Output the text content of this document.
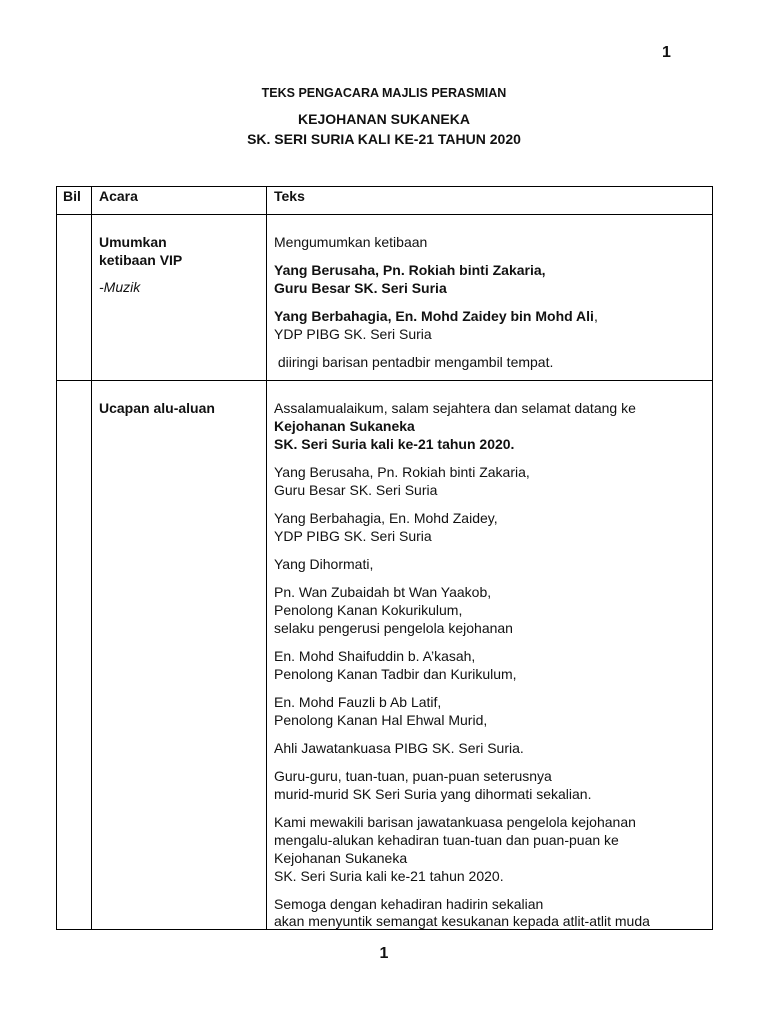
1
TEKS PENGACARA MAJLIS PERASMIAN
KEJOHANAN SUKANEKA
SK. SERI SURIA KALI KE-21 TAHUN 2020
Bil Acara	Teks
Umumkan
ketibaan VIP
-Muzik
Mengumumkan ketibaan
Yang Berusaha, Pn. Rokiah binti Zakaria,
Guru Besar SK. Seri Suria
Yang Berbahagia, En. Mohd Zaidey bin Mohd Ali,
YDP PIBG SK. Seri Suria
diiringi barisan pentadbir mengambil tempat.
Ucapan alu-aluan	Assalamualaikum, salam sejahtera dan selamat datang ke
Kejohanan Sukaneka
SK. Seri Suria kali ke-21 tahun 2020.
Yang Berusaha, Pn. Rokiah binti Zakaria,
Guru Besar SK. Seri Suria
Yang Berbahagia, En. Mohd Zaidey,
YDP PIBG SK. Seri Suria
Yang Dihormati,
Pn. Wan Zubaidah bt Wan Yaakob,
Penolong Kanan Kokurikulum,
selaku pengerusi pengelola kejohanan
En. Mohd Shaifuddin b. A’kasah,
Penolong Kanan Tadbir dan Kurikulum,
En. Mohd Fauzli b Ab Latif,
Penolong Kanan Hal Ehwal Murid,
Ahli Jawatankuasa PIBG SK. Seri Suria.
Guru-guru, tuan-tuan, puan-puan seterusnya
murid-murid SK Seri Suria yang dihormati sekalian.
Kami mewakili barisan jawatankuasa pengelola kejohanan
mengalu-alukan kehadiran tuan-tuan dan puan-puan ke
Kejohanan Sukaneka
SK. Seri Suria kali ke-21 tahun 2020.
Semoga dengan kehadiran hadirin sekalian
akan menyuntik semangat kesukanan kepada atlit-atlit muda
1
